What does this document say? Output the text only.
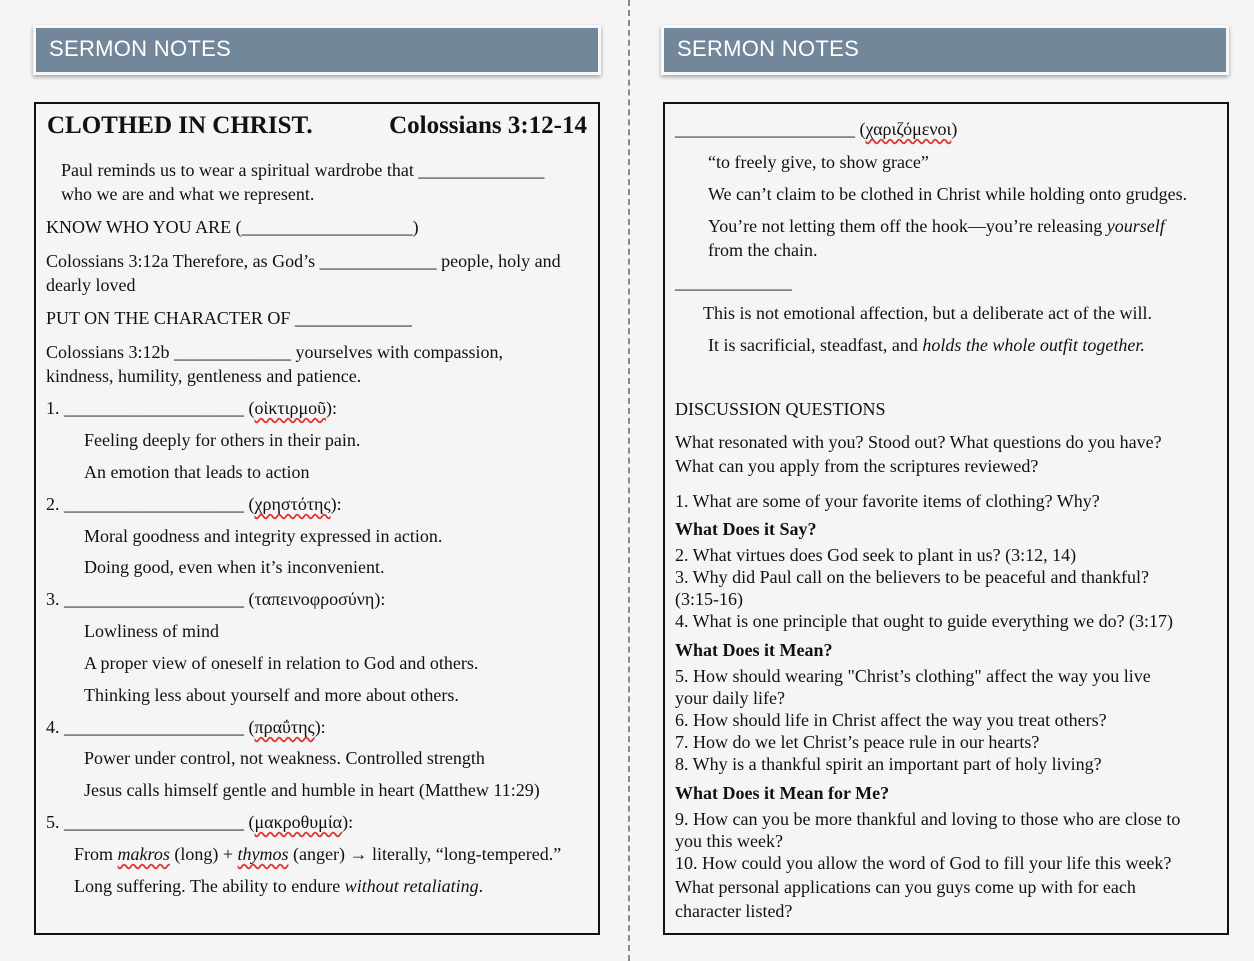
SERMON NOTES	SERMON NOTES
CLOTHED IN CHRIST.	Colossians 3:12-14
Paul reminds us to wear a spiritual wardrobe that ______________
who we are and what we represent.
KNOW WHO YOU ARE (___________________)
Colossians 3:12a Therefore, as God’s _____________ people, holy and
dearly loved
PUT ON THE CHARACTER OF _____________
Colossians 3:12b _____________ yourselves with compassion,
kindness, humility, gentleness and patience.
1. ____________________ (οἰκτιρμοῦ):
Feeling deeply for others in their pain.
An emotion that leads to action
2. ____________________ (χρηστότης):
Moral goodness and integrity expressed in action.
Doing good, even when it’s inconvenient.
3. ____________________ (ταπεινοφροσύνη):
Lowliness of mind
A proper view of oneself in relation to God and others.
Thinking less about yourself and more about others.
4. ____________________ (πραΰτης):
Power under control, not weakness. Controlled strength
Jesus calls himself gentle and humble in heart (Matthew 11:29)
5. ____________________ (μακροθυμία):
From makros (long) + thymos (anger) → literally, “long-tempered.”
Long suffering. The ability to endure without retaliating.
____________________ (χαριζόμενοι)
“to freely give, to show grace”
We can’t claim to be clothed in Christ while holding onto grudges.
You’re not letting them off the hook—you’re releasing yourself
from the chain.
_____________
This is not emotional affection, but a deliberate act of the will.
It is sacrificial, steadfast, and holds the whole outfit together.
DISCUSSION QUESTIONS
What resonated with you? Stood out? What questions do you have?
What can you apply from the scriptures reviewed?
1. What are some of your favorite items of clothing? Why?
What Does it Say?
2. What virtues does God seek to plant in us? (3:12, 14)
3. Why did Paul call on the believers to be peaceful and thankful?
(3:15-16)
4. What is one principle that ought to guide everything we do? (3:17)
What Does it Mean?
5. How should wearing "Christ’s clothing" affect the way you live
your daily life?
6. How should life in Christ affect the way you treat others?
7. How do we let Christ’s peace rule in our hearts?
8. Why is a thankful spirit an important part of holy living?
What Does it Mean for Me?
9. How can you be more thankful and loving to those who are close to
you this week?
10. How could you allow the word of God to fill your life this week?
What personal applications can you guys come up with for each
character listed?
